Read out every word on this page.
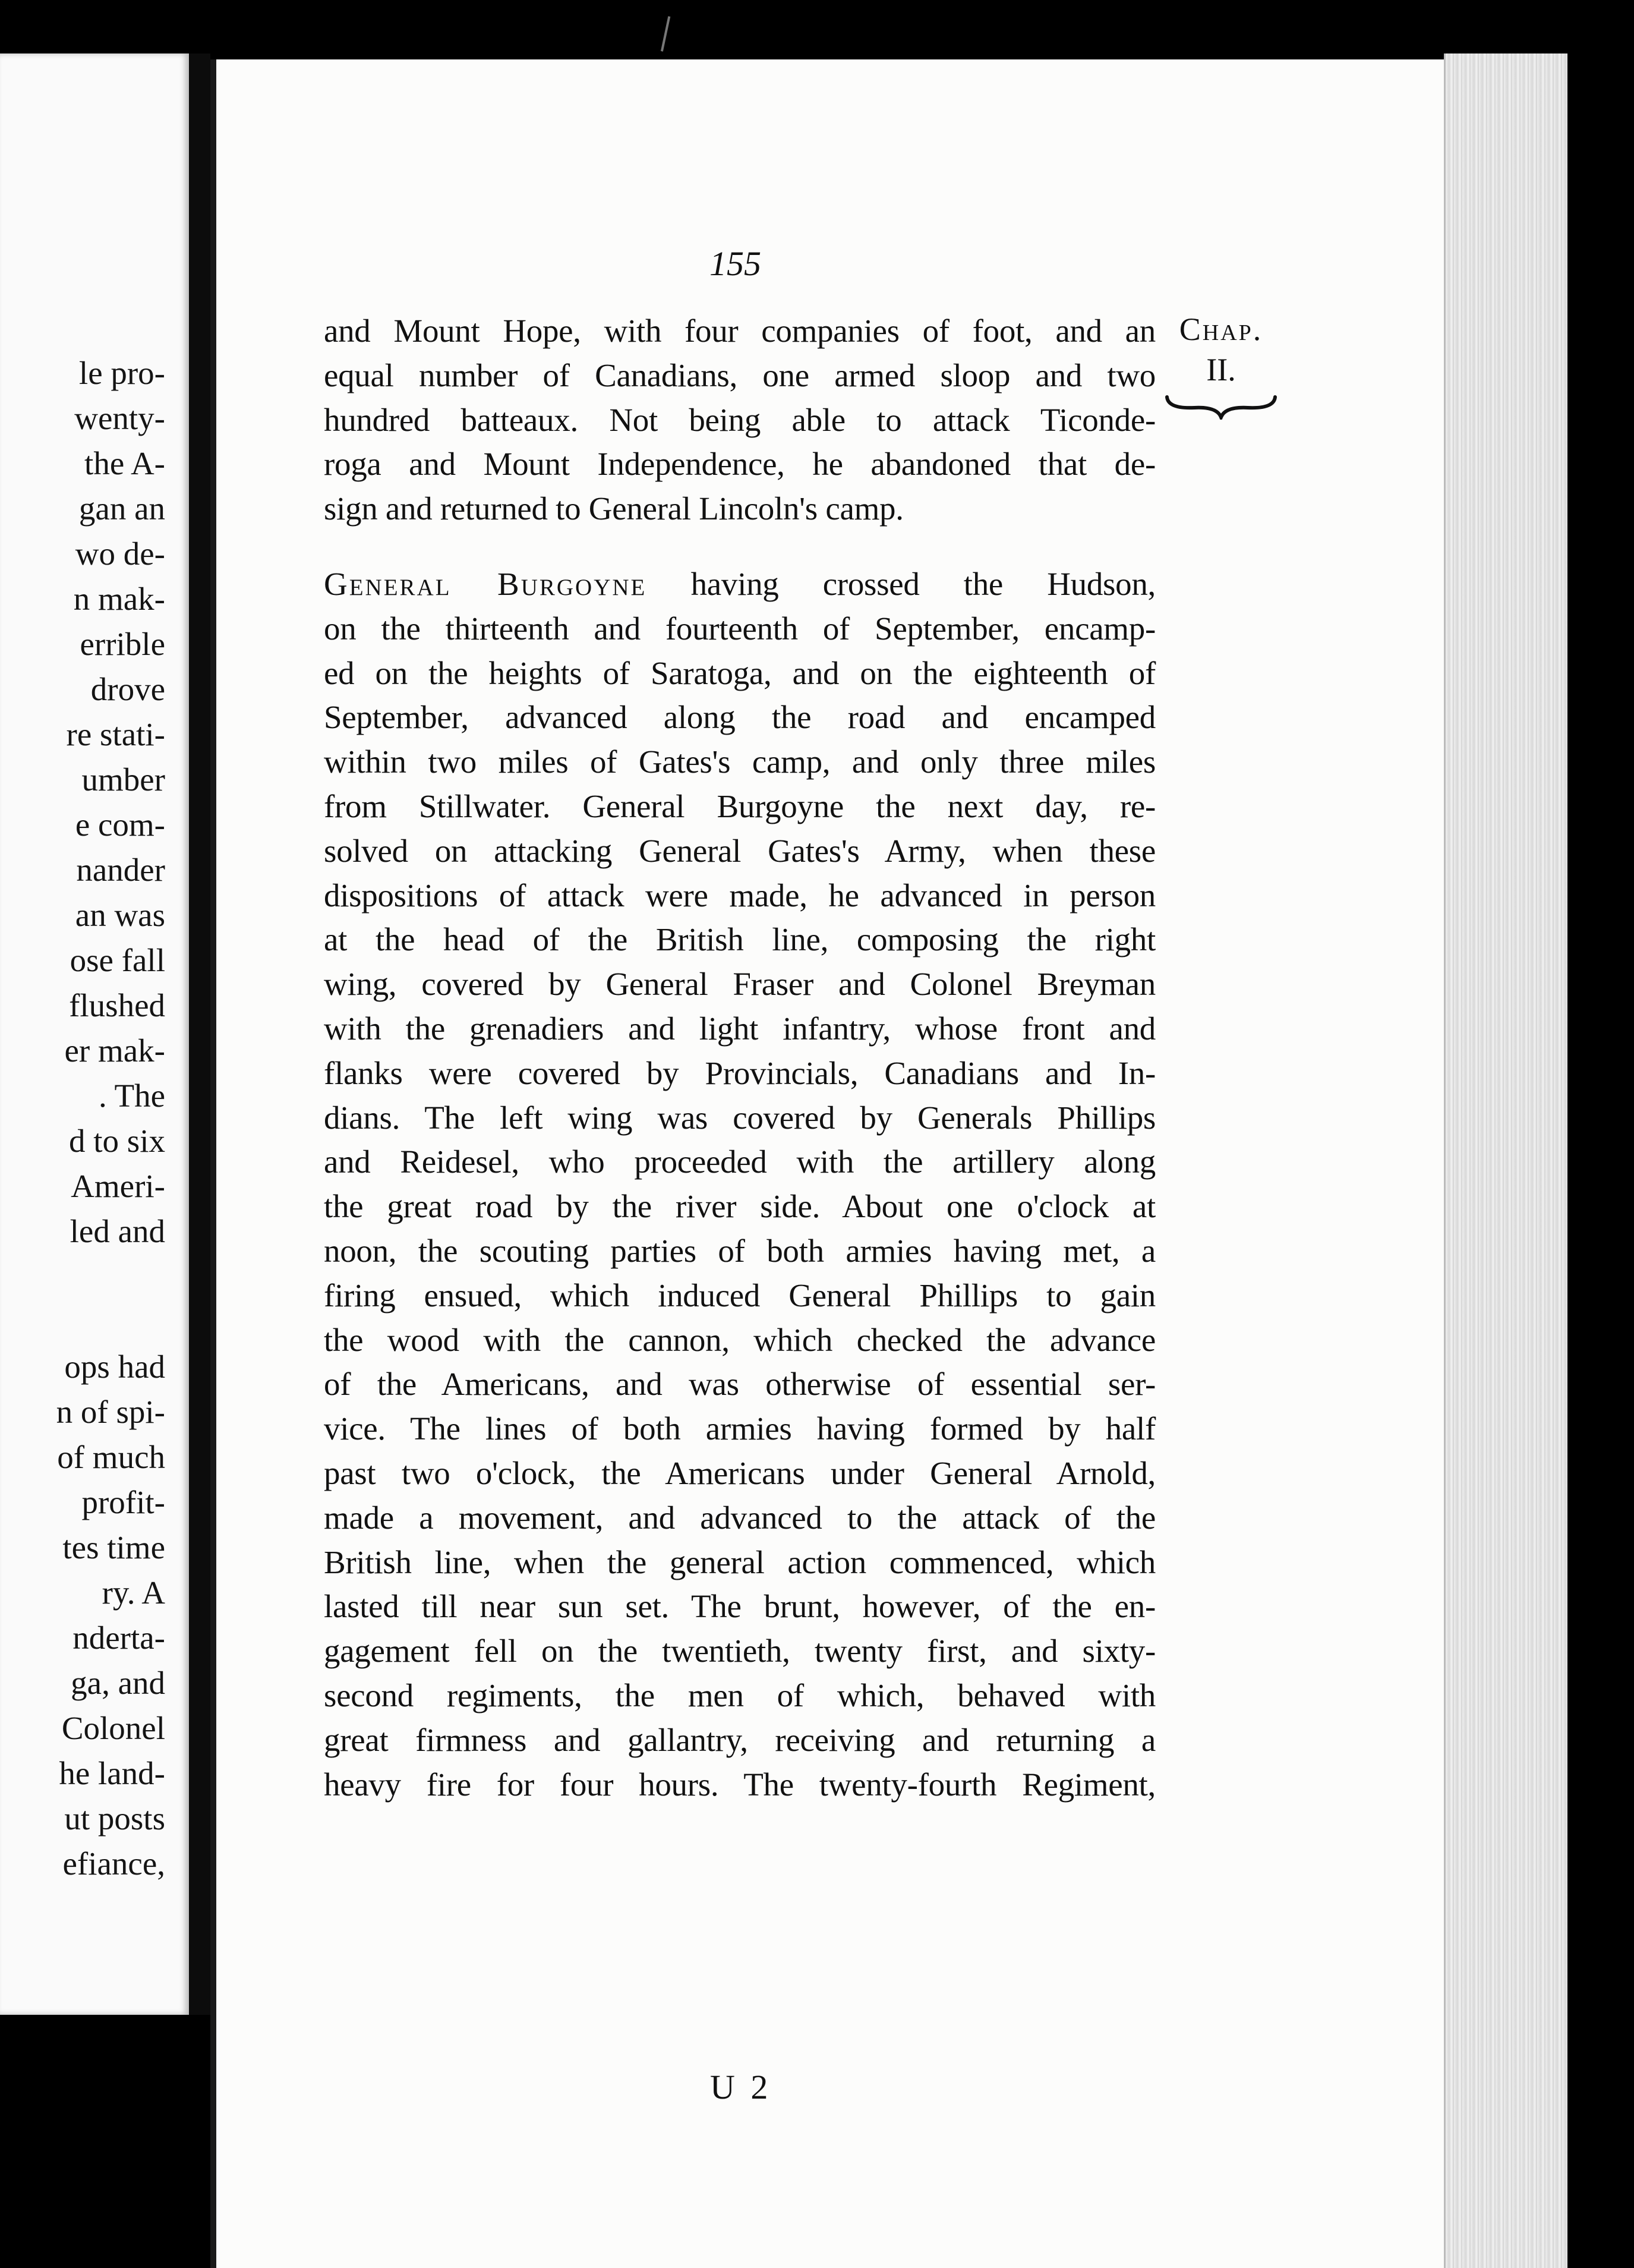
le pro-
wenty-
the A-
gan an
wo de-
n mak-
errible
drove
re stati-
umber
e com-
nander
an was
ose fall
flushed
er mak-
. The
d to six
Ameri-
led and
ops had
n of spi-
of much
profit-
tes time
ry. A
nderta-
ga, and
Colonel
he land-
ut posts
efiance,
155
Chap.
II.
and Mount Hope, with four companies of foot, and an
equal number of Canadians, one armed sloop and two
hundred batteaux. Not being able to attack Ticonde-
roga and Mount Independence, he abandoned that de-
sign and returned to General Lincoln's camp.
General Burgoyne having crossed the Hudson,
on the thirteenth and fourteenth of September, encamp-
ed on the heights of Saratoga, and on the eighteenth of
September, advanced along the road and encamped
within two miles of Gates's camp, and only three miles
from Stillwater. General Burgoyne the next day, re-
solved on attacking General Gates's Army, when these
dispositions of attack were made, he advanced in person
at the head of the British line, composing the right
wing, covered by General Fraser and Colonel Breyman
with the grenadiers and light infantry, whose front and
flanks were covered by Provincials, Canadians and In-
dians. The left wing was covered by Generals Phillips
and Reidesel, who proceeded with the artillery along
the great road by the river side. About one o'clock at
noon, the scouting parties of both armies having met, a
firing ensued, which induced General Phillips to gain
the wood with the cannon, which checked the advance
of the Americans, and was otherwise of essential ser-
vice. The lines of both armies having formed by half
past two o'clock, the Americans under General Arnold,
made a movement, and advanced to the attack of the
British line, when the general action commenced, which
lasted till near sun set. The brunt, however, of the en-
gagement fell on the twentieth, twenty first, and sixty-
second regiments, the men of which, behaved with
great firmness and gallantry, receiving and returning a
heavy fire for four hours. The twenty-fourth Regiment,
U 2
